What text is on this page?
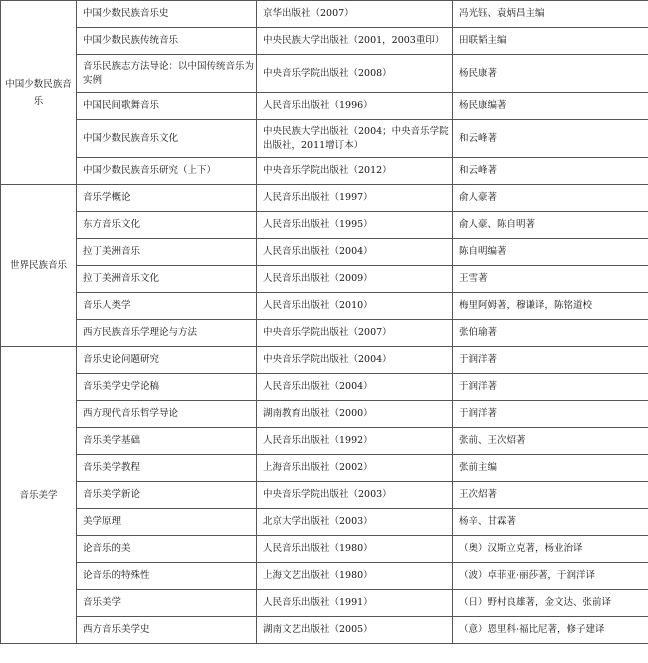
中国少数民族音乐	中国少数民族音乐史	京华出版社（2007）	冯光钰、袁炳昌主编
	中国少数民族传统音乐	中央民族大学出版社（2001，2003重印）	田联韬主编
	音乐民族志方法导论：以中国传统音乐为实例	中央音乐学院出版社（2008）	杨民康著
	中国民间歌舞音乐	人民音乐出版社（1996）	杨民康编著
	中国少数民族音乐文化	中央民族大学出版社（2004；中央音乐学院出版社，2011增订本）	和云峰著
	中国少数民族音乐研究（上下）	中央音乐学院出版社（2012）	和云峰著
世界民族音乐	音乐学概论	人民音乐出版社（1997）	俞人豪著
	东方音乐文化	人民音乐出版社（1995）	俞人豪、陈自明著
	拉丁美洲音乐	人民音乐出版社（2004）	陈自明编著
	拉丁美洲音乐文化	人民音乐出版社（2009）	王雪著
	音乐人类学	人民音乐出版社（2010）	梅里阿姆著，穆谦译，陈铭道校
	西方民族音乐学理论与方法	中央音乐学院出版社（2007）	张伯瑜著
音乐美学	音乐史论问题研究	中央音乐学院出版社（2004）	于润洋著
	音乐美学史学论稿	人民音乐出版社（2004）	于润洋著
	西方现代音乐哲学导论	湖南教育出版社（2000）	于润洋著
	音乐美学基础	人民音乐出版社（1992）	张前、王次炤著
	音乐美学教程	上海音乐出版社（2002）	张前主编
	音乐美学新论	中央音乐学院出版社（2003）	王次炤著
	美学原理	北京大学出版社（2003）	杨辛、甘霖著
	论音乐的美	人民音乐出版社（1980）	（奥）汉斯立克著，杨业治译
	论音乐的特殊性	上海文艺出版社（1980）	（波）卓菲亚·丽莎著，于润洋译
	音乐美学	人民音乐出版社（1991）	（日）野村良雄著，金文达、张前译
	西方音乐美学史	湖南文艺出版社（2005）	（意）恩里科·福比尼著，修子建译
